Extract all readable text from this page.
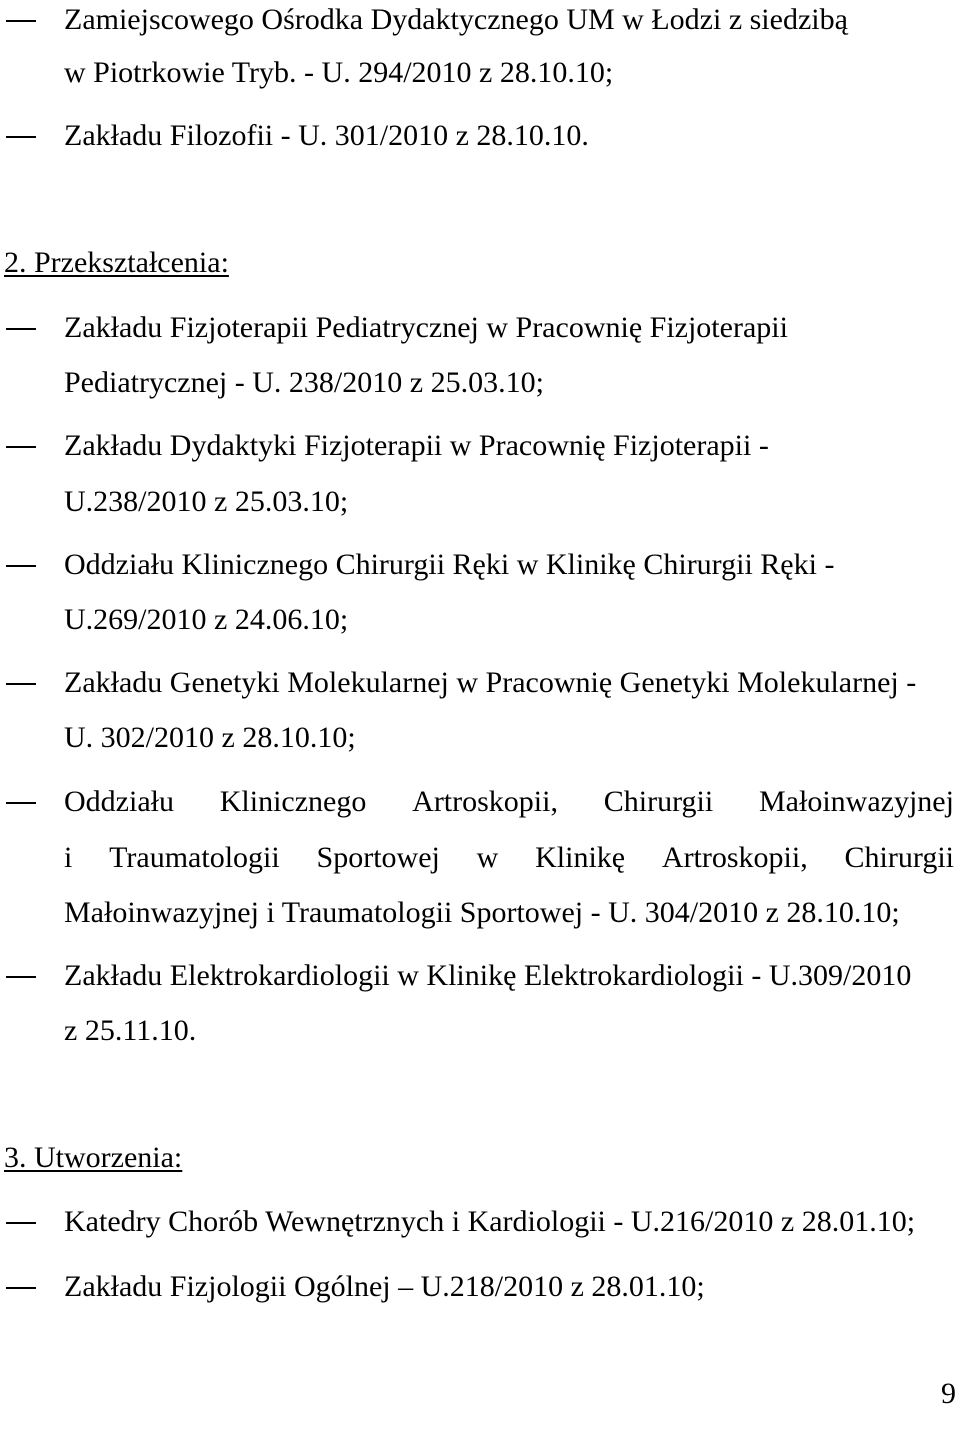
Zamiejscowego Ośrodka Dydaktycznego UM w Łodzi z siedzibą
w Piotrkowie Tryb. - U. 294/2010 z 28.10.10;
Zakładu Filozofii - U. 301/2010 z 28.10.10.
2. Przekształcenia:
Zakładu Fizjoterapii Pediatrycznej w Pracownię Fizjoterapii
Pediatrycznej - U. 238/2010 z 25.03.10;
Zakładu Dydaktyki Fizjoterapii w Pracownię Fizjoterapii -
U.238/2010 z 25.03.10;
Oddziału Klinicznego Chirurgii Ręki w Klinikę Chirurgii Ręki -
U.269/2010 z 24.06.10;
Zakładu Genetyki Molekularnej w Pracownię Genetyki Molekularnej -
U. 302/2010 z 28.10.10;
Oddziału Klinicznego Artroskopii, Chirurgii Małoinwazyjnej
i Traumatologii Sportowej w Klinikę Artroskopii, Chirurgii
Małoinwazyjnej i Traumatologii Sportowej - U. 304/2010 z 28.10.10;
Zakładu Elektrokardiologii w Klinikę Elektrokardiologii - U.309/2010
z 25.11.10.
3. Utworzenia:
Katedry Chorób Wewnętrznych i Kardiologii - U.216/2010 z 28.01.10;
Zakładu Fizjologii Ogólnej – U.218/2010 z 28.01.10;
9
